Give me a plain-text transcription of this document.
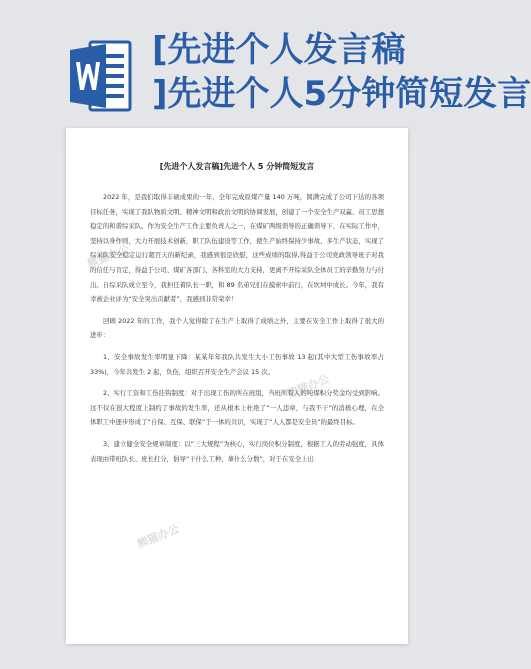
[先进个人发言稿
]先进个人5分钟简短发言
熊猫办公
熊猫办公
熊猫办公
[先进个人发言稿]先进个人 5 分钟简短发言

2022 年，是我们取得丰硕成果的一年，全年完成原煤产量 140 万吨，圆满完成了公司下达的各项目标任务，实现了我队物质文明、精神文明和政治文明的协调发展，创建了一个安全生产双赢、员工思想稳定的和谐综采队。作为安全生产工作主要负责人之一，在煤矿两级领导的正确领导下，在实际工作中，坚持以身作则，大力开展技术创新，职工队伍建设等工作，使生产始终保持少事故、多生产状态，实现了综采队安全稳定运行超百天的新纪录，我感到很是欣慰，这些成绩的取得,得益于公司党政领导班子对我的信任与肯定，得益于公司、煤矿各部门、各科室的大力支持，更离不开综采队全体员工的辛勤努力与付出。自综采队成立至今，我担任着队长一职，和 89 名弟兄们在摸索中前行，在坎坷中成长。今年，我有幸被企业评为“安全突出贡献者”，我感到非常荣幸！

回顾 2022 年的工作，我个人觉得除了在生产上取得了成绩之外，主要在安全工作上取得了很大的进步：

1、安全事故发生率明显下降：某某年年我队共发生大小工伤事故 13 起(其中大型工伤事故率占 33%)，今年共发生 2 起，负伤，组织召开安全生产会议 15 次。

2、实行工资和工伤挂钩制度：对于出现工伤的所在班组，当班所有人的吨煤积分奖金均受到影响。这不仅在很大程度上制约了事故的发生率，还从根本上杜绝了“一人违章，与我不干”的消极心理，在全体职工中逐步形成了“自保、互保、联保”于一体的共识，实现了“人人都是安全员”的最终目标。

3、建立健全安全规章制度：以“三大规程”为核心，实行岗位积分制度，根据工人的劳动强度，具体表现由带班队长、班长打分，倡导“干什么工种，拿什么分数”，对于在安全上出
